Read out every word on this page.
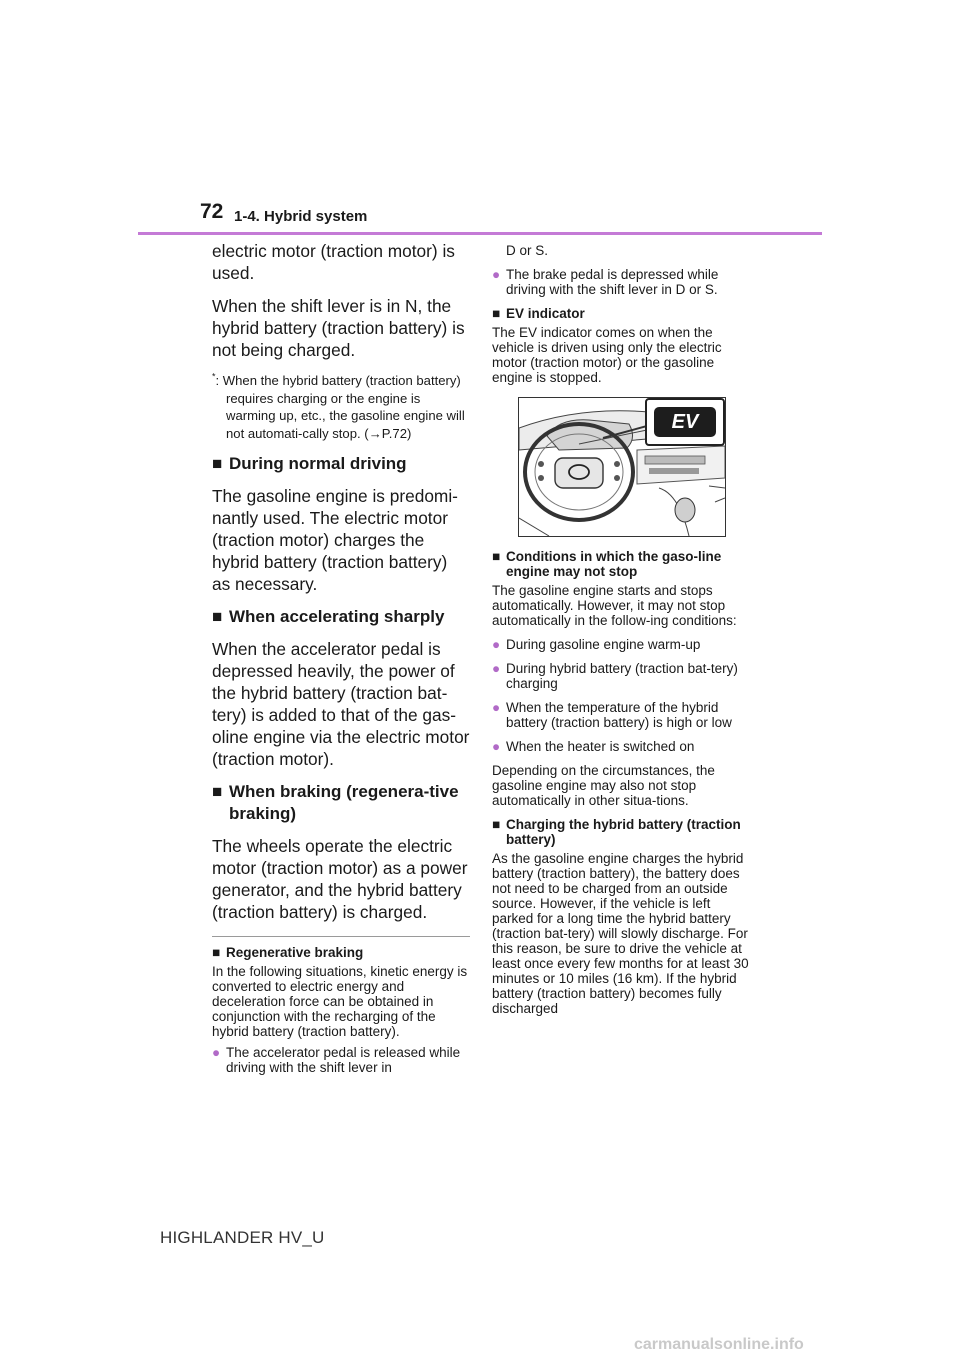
72 1-4. Hybrid system

electric motor (traction motor) is used.

When the shift lever is in N, the hybrid battery (traction battery) is not being charged.

*: When the hybrid battery (traction battery) requires charging or the engine is warming up, etc., the gasoline engine will not automati-cally stop. (→P.72)

■ During normal driving

The gasoline engine is predomi-nantly used. The electric motor (traction motor) charges the hybrid battery (traction battery) as necessary.

■ When accelerating sharply

When the accelerator pedal is depressed heavily, the power of the hybrid battery (traction bat-tery) is added to that of the gas-oline engine via the electric motor (traction motor).

■ When braking (regenera-tive braking)

The wheels operate the electric motor (traction motor) as a power generator, and the hybrid battery (traction battery) is charged.

■ Regenerative braking

In the following situations, kinetic energy is converted to electric energy and deceleration force can be obtained in conjunction with the recharging of the hybrid battery (traction battery).

● The accelerator pedal is released while driving with the shift lever in

D or S.

● The brake pedal is depressed while driving with the shift lever in D or S.

■ EV indicator

The EV indicator comes on when the vehicle is driven using only the electric motor (traction motor) or the gasoline engine is stopped.

EV
■ Conditions in which the gaso-line engine may not stop

The gasoline engine starts and stops automatically. However, it may not stop automatically in the follow-ing conditions:

● During gasoline engine warm-up

● During hybrid battery (traction bat-tery) charging

● When the temperature of the hybrid battery (traction battery) is high or low

● When the heater is switched on

Depending on the circumstances, the gasoline engine may also not stop automatically in other situa-tions.

■ Charging the hybrid battery (traction battery)

As the gasoline engine charges the hybrid battery (traction battery), the battery does not need to be charged from an outside source. However, if the vehicle is left parked for a long time the hybrid battery (traction bat-tery) will slowly discharge. For this reason, be sure to drive the vehicle at least once every few months for at least 30 minutes or 10 miles (16 km). If the hybrid battery (traction battery) becomes fully discharged

HIGHLANDER HV_U
carmanualsonline.info
